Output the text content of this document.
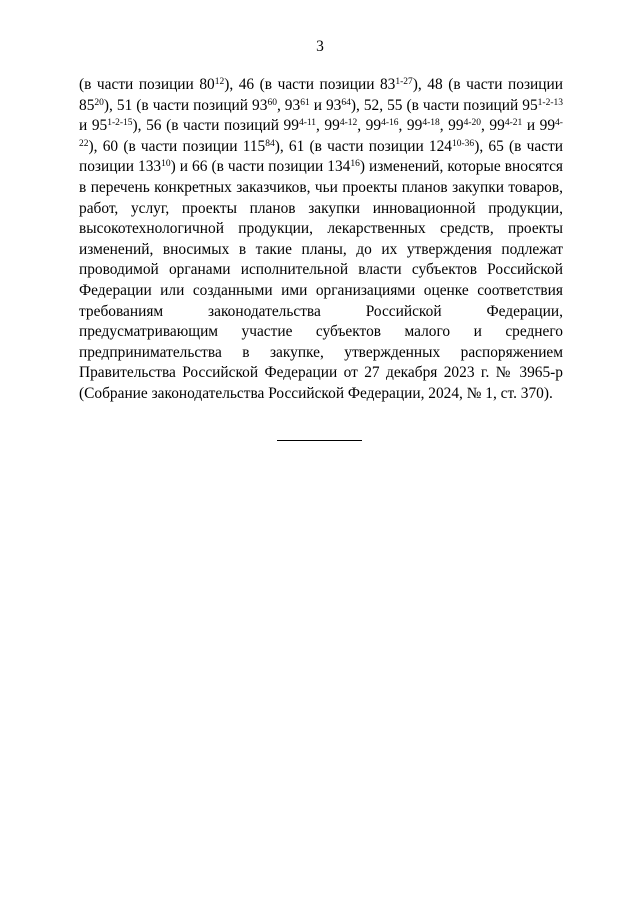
3

(в части позиции $80^{12}$), 46 (в части позиции 83$^{1-27}$), 48 (в части позиции $85^{20}$), 51 (в части позиций $93^{60}$, $93^{61}$ и $93^{64}$), 52, 55 (в части позиций 95$^{1-2-13}$ и 95$^{1-2-15}$), 56 (в части позиций 99$^{4-11}$, 99$^{4-12}$, 99$^{4-16}$, 99$^{4-18}$, 99$^{4-20}$, 99$^{4-21}$ и 99$^{4-22}$), 60 (в части позиции $115^{84}$), 61 (в части позиции 124$^{10-36}$), 65 (в части позиции $133^{10}$) и 66 (в части позиции $134^{16}$) изменений, которые вносятся в перечень конкретных заказчиков, чьи проекты планов закупки товаров, работ, услуг, проекты планов закупки инновационной продукции, высокотехнологичной продукции, лекарственных средств, проекты изменений, вносимых в такие планы, до их утверждения подлежат проводимой органами исполнительной власти субъектов Российской Федерации или созданными ими организациями оценке соответствия требованиям законодательства Российской Федерации, предусматривающим участие субъектов малого и среднего предпринимательства в закупке, утвержденных распоряжением Правительства Российской Федерации от 27 декабря 2023 г. № 3965-р (Собрание законодательства Российской Федерации, 2024, № 1, ст. 370).
